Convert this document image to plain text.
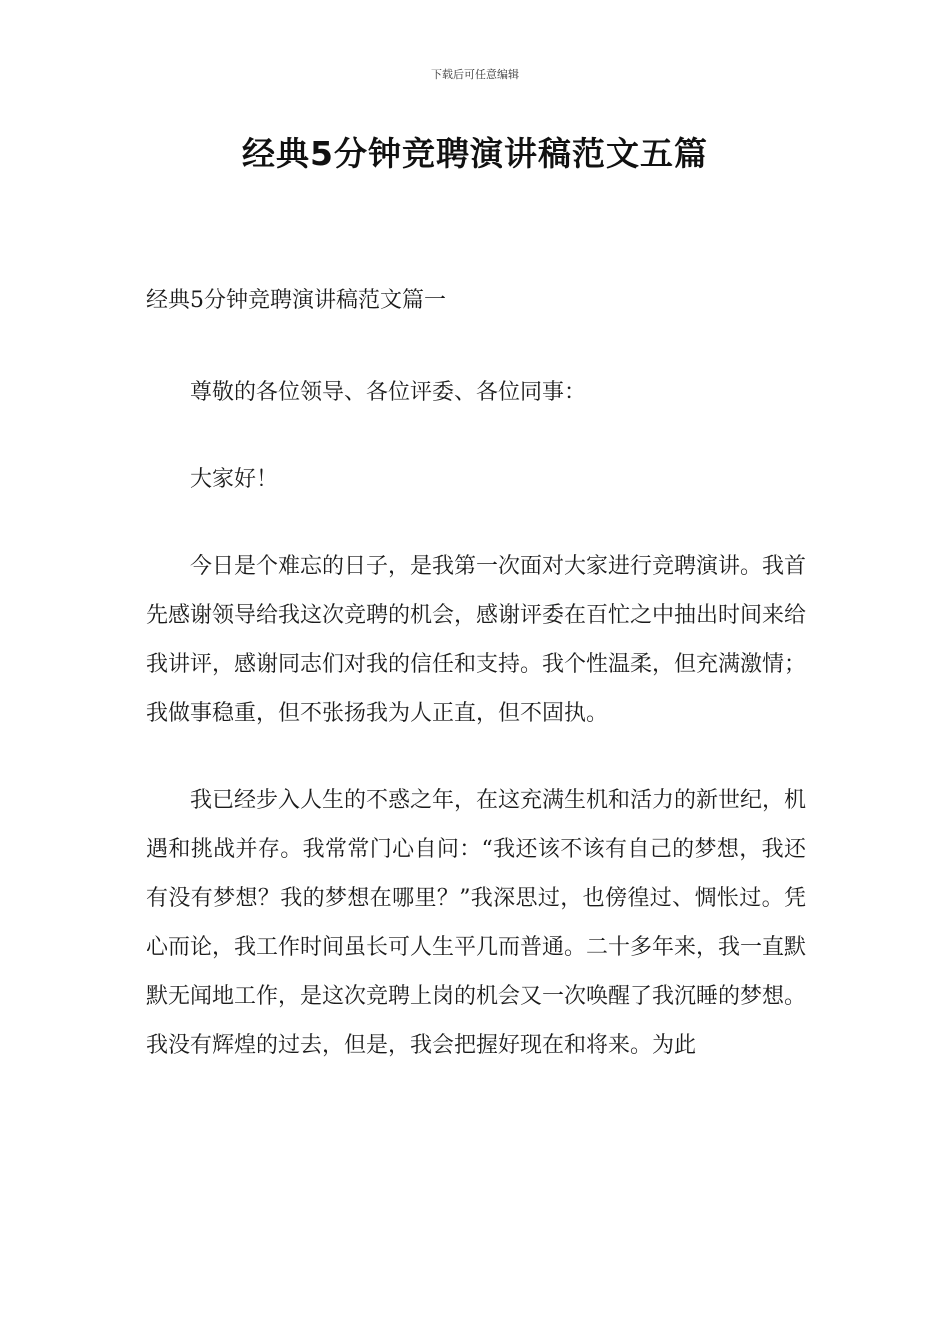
下载后可任意编辑
经典5分钟竞聘演讲稿范文五篇
经典5分钟竞聘演讲稿范文篇一

尊敬的各位领导、各位评委、各位同事：

大家好！

今日是个难忘的日子，是我第一次面对大家进行竞聘演讲。我首先感谢领导给我这次竞聘的机会，感谢评委在百忙之中抽出时间来给我讲评，感谢同志们对我的信任和支持。我个性温柔，但充满激情；我做事稳重，但不张扬我为人正直，但不固执。

我已经步入人生的不惑之年，在这充满生机和活力的新世纪，机遇和挑战并存。我常常门心自问：“我还该不该有自己的梦想，我还有没有梦想？我的梦想在哪里？”我深思过，也傍徨过、惆怅过。凭心而论，我工作时间虽长可人生平几而普通。二十多年来，我一直默默无闻地工作，是这次竞聘上岗的机会又一次唤醒了我沉睡的梦想。我没有辉煌的过去，但是，我会把握好现在和将来。为此
